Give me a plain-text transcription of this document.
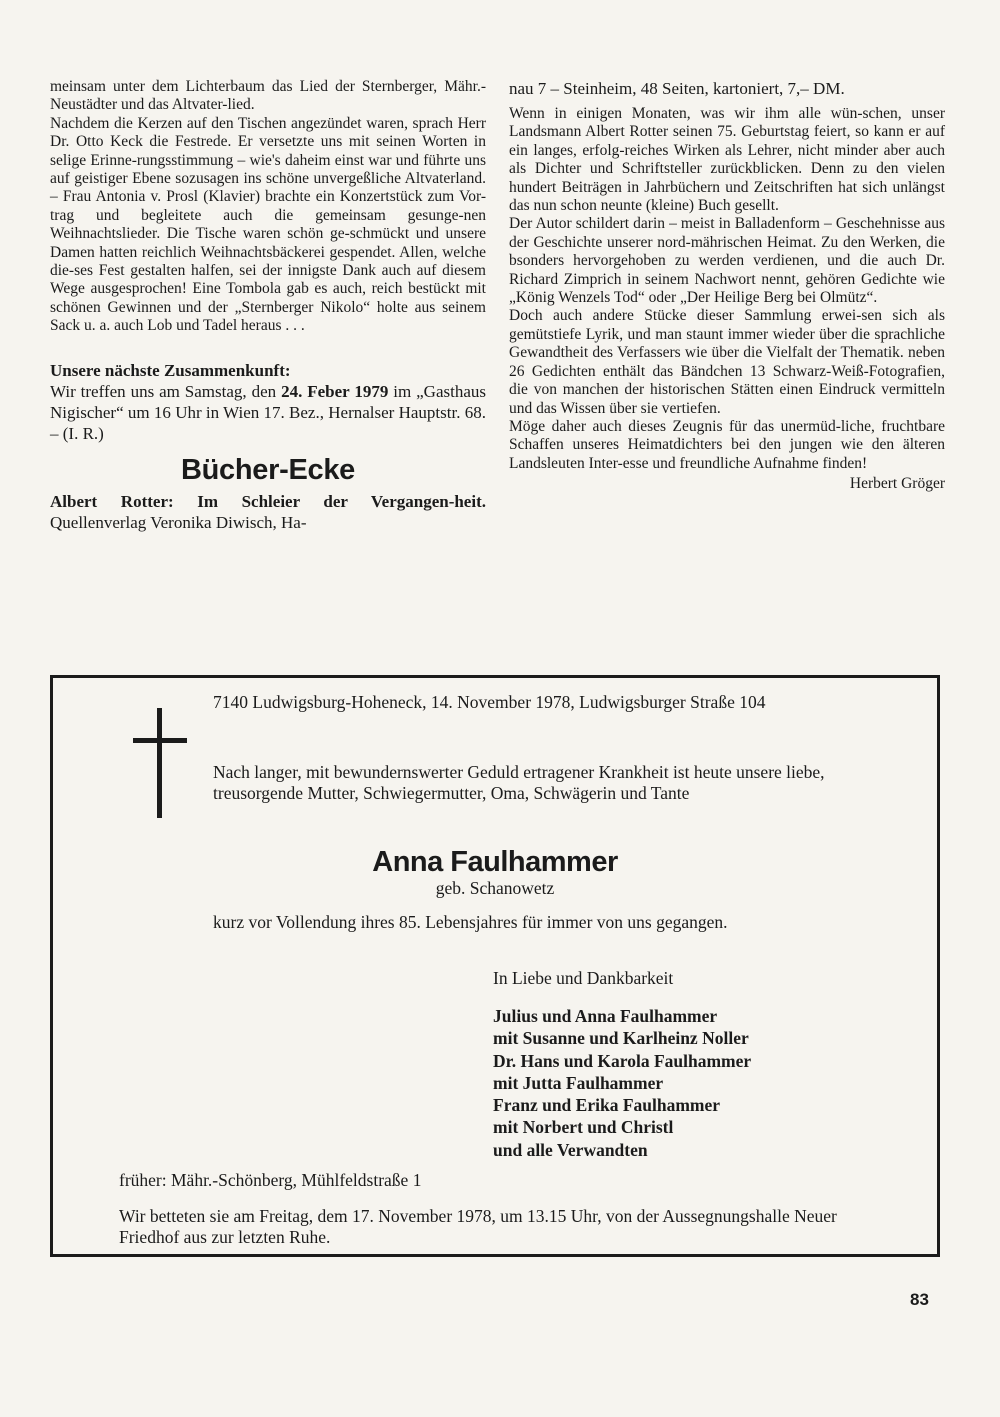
meinsam unter dem Lichterbaum das Lied der Sternberger, Mähr.-Neustädter und das Altvater-lied.

Nachdem die Kerzen auf den Tischen angezündet waren, sprach Herr Dr. Otto Keck die Festrede. Er versetzte uns mit seinen Worten in selige Erinne-rungsstimmung – wie's daheim einst war und führte uns auf geistiger Ebene sozusagen ins schöne unvergeßliche Altvaterland. – Frau Antonia v. Prosl (Klavier) brachte ein Konzertstück zum Vor-trag und begleitete auch die gemeinsam gesunge-nen Weihnachtslieder. Die Tische waren schön ge-schmückt und unsere Damen hatten reichlich Weihnachtsbäckerei gespendet. Allen, welche die-ses Fest gestalten halfen, sei der innigste Dank auch auf diesem Wege ausgesprochen! Eine Tombola gab es auch, reich bestückt mit schönen Gewinnen und der „Sternberger Nikolo“ holte aus seinem Sack u. a. auch Lob und Tadel heraus . . .

Unsere nächste Zusammenkunft:

Wir treffen uns am Samstag, den 24. Feber 1979 im „Gasthaus Nigischer“ um 16 Uhr in Wien 17. Bez., Hernalser Hauptstr. 68. – (I. R.)

Bücher-Ecke

Albert Rotter: Im Schleier der Vergangen-heit. Quellenverlag Veronika Diwisch, Ha-

nau 7 – Steinheim, 48 Seiten, kartoniert, 7,– DM.

Wenn in einigen Monaten, was wir ihm alle wün-schen, unser Landsmann Albert Rotter seinen 75. Geburtstag feiert, so kann er auf ein langes, erfolg-reiches Wirken als Lehrer, nicht minder aber auch als Dichter und Schriftsteller zurückblicken. Denn zu den vielen hundert Beiträgen in Jahrbüchern und Zeitschriften hat sich unlängst das nun schon neunte (kleine) Buch gesellt.

Der Autor schildert darin – meist in Balladenform – Geschehnisse aus der Geschichte unserer nord-mährischen Heimat. Zu den Werken, die bsonders hervorgehoben zu werden verdienen, und die auch Dr. Richard Zimprich in seinem Nachwort nennt, gehören Gedichte wie „König Wenzels Tod“ oder „Der Heilige Berg bei Olmütz“.

Doch auch andere Stücke dieser Sammlung erwei-sen sich als gemütstiefe Lyrik, und man staunt immer wieder über die sprachliche Gewandtheit des Verfassers wie über die Vielfalt der Thematik. neben 26 Gedichten enthält das Bändchen 13 Schwarz-Weiß-Fotografien, die von manchen der historischen Stätten einen Eindruck vermitteln und das Wissen über sie vertiefen.

Möge daher auch dieses Zeugnis für das unermüd-liche, fruchtbare Schaffen unseres Heimatdichters bei den jungen wie den älteren Landsleuten Inter-esse und freundliche Aufnahme finden!

Herbert Gröger

7140 Ludwigsburg-Hoheneck, 14. November 1978, Ludwigsburger Straße 104
Nach langer, mit bewundernswerter Geduld ertragener Krankheit ist heute unsere liebe, treusorgende Mutter, Schwiegermutter, Oma, Schwägerin und Tante
Anna Faulhammer
geb. Schanowetz
kurz vor Vollendung ihres 85. Lebensjahres für immer von uns gegangen.
In Liebe und Dankbarkeit
Julius und Anna Faulhammer
mit Susanne und Karlheinz Noller
Dr. Hans und Karola Faulhammer
mit Jutta Faulhammer
Franz und Erika Faulhammer
mit Norbert und Christl
und alle Verwandten
früher: Mähr.-Schönberg, Mühlfeldstraße 1
Wir betteten sie am Freitag, dem 17. November 1978, um 13.15 Uhr, von der Aussegnungshalle Neuer Friedhof aus zur letzten Ruhe.
83
